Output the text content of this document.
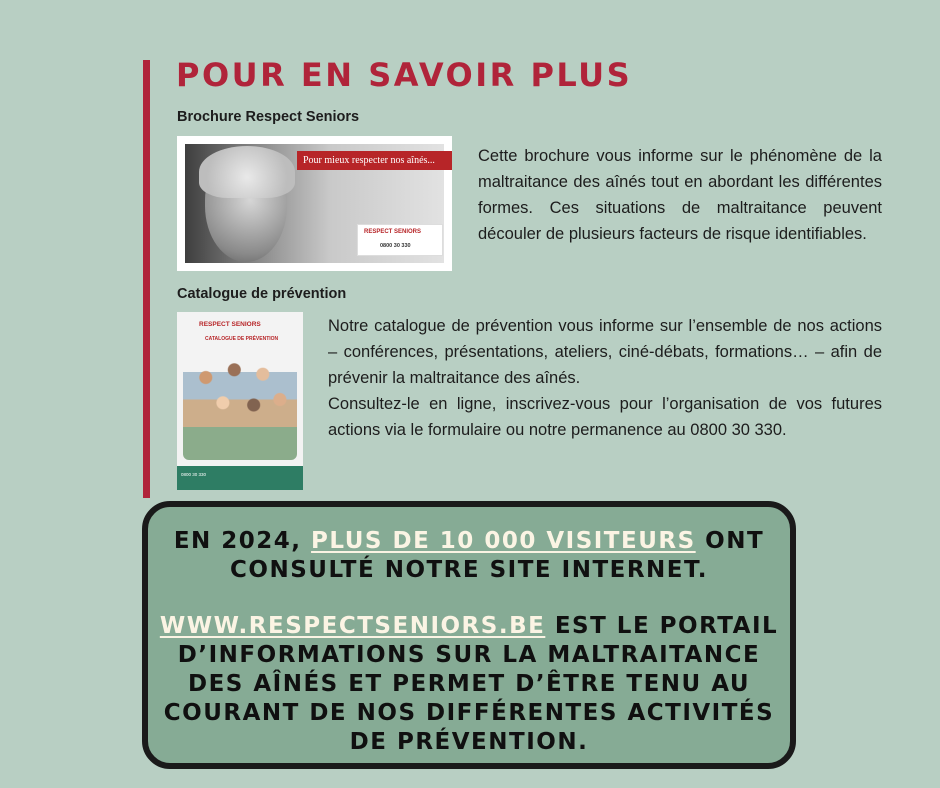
POUR EN SAVOIR PLUS
Brochure Respect Seniors
Pour mieux respecter nos aînés...
RESPECT SENIORS
0800 30 330

Cette brochure vous informe sur le phénomène de la maltraitance des aînés tout en abordant les différentes formes. Ces situations de maltraitance peuvent découler de plusieurs facteurs de risque identifiables.

Catalogue de prévention
RESPECT SENIORS
CATALOGUE DE PRÉVENTION
0800 30 330
Notre catalogue de prévention vous informe sur l’ensemble de nos actions – conférences, présentations, ateliers, ciné-débats, formations… – afin de prévenir la maltraitance des aînés.
Consultez-le en ligne, inscrivez-vous pour l’organisation de vos futures actions via le formulaire ou notre permanence au 0800 30 330.

EN 2024, PLUS DE 10 000 VISITEURS ONT CONSULTÉ NOTRE SITE INTERNET.

WWW.RESPECTSENIORS.BE EST LE PORTAIL D’INFORMATIONS SUR LA MALTRAITANCE DES AÎNÉS ET PERMET D’ÊTRE TENU AU COURANT DE NOS DIFFÉRENTES ACTIVITÉS DE PRÉVENTION.
